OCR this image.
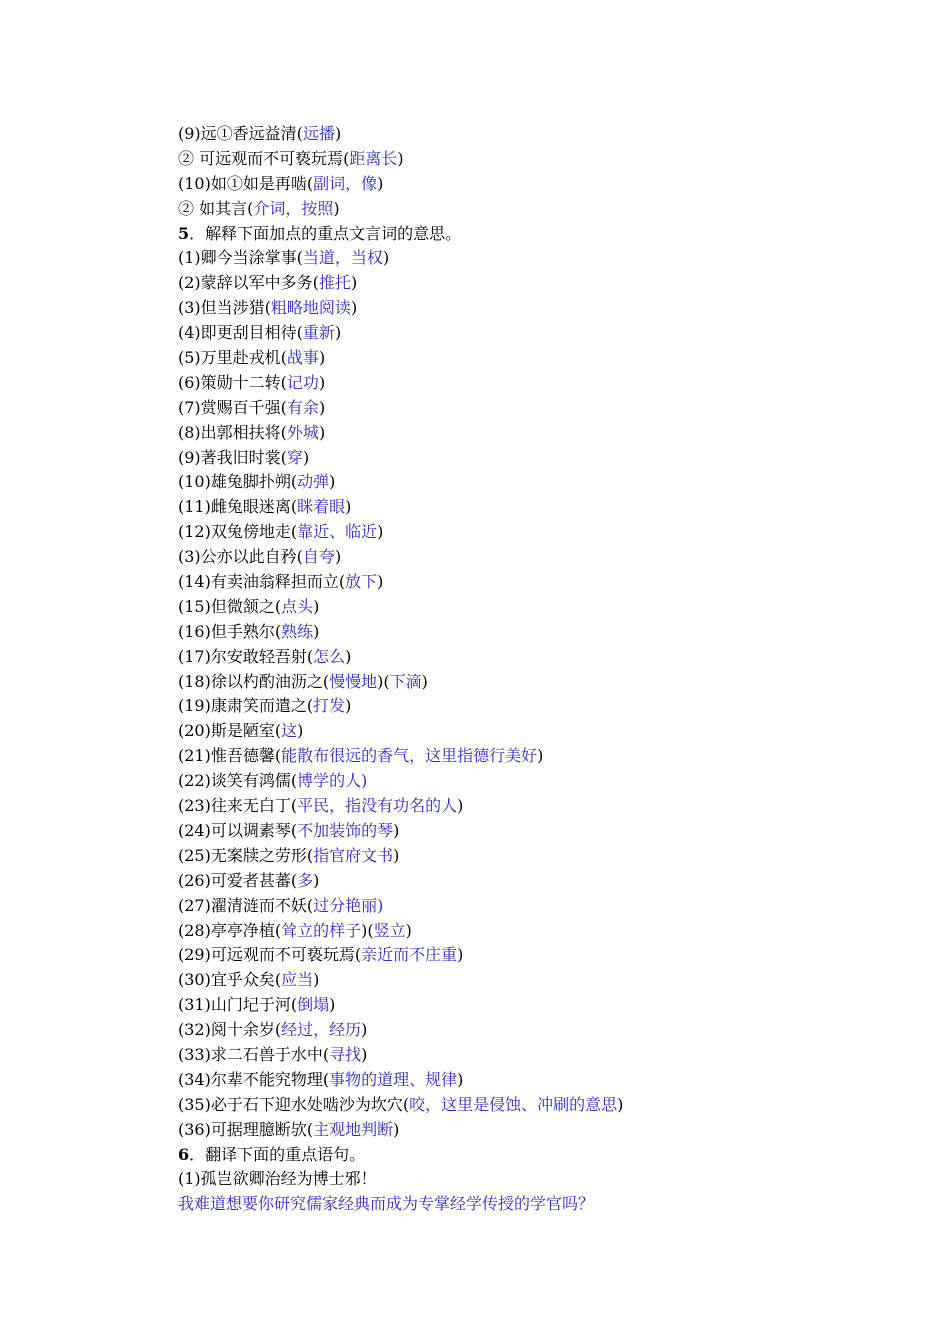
(9)远①香远益清(远播)
② 可远观而不可亵玩焉(距离长)
(10)如①如是再啮(副词，像)
② 如其言(介词，按照)
5．解释下面加点的重点文言词的意思。
(1)卿今当涂掌事(当道，当权)
(2)蒙辞以军中多务(推托)
(3)但当涉猎(粗略地阅读)
(4)即更刮目相待(重新)
(5)万里赴戎机(战事)
(6)策勋十二转(记功)
(7)赏赐百千强(有余)
(8)出郭相扶将(外城)
(9)著我旧时裳(穿)
(10)雄兔脚扑朔(动弹)
(11)雌兔眼迷离(眯着眼)
(12)双兔傍地走(靠近、临近)
(3)公亦以此自矜(自夸)
(14)有卖油翁释担而立(放下)
(15)但微颔之(点头)
(16)但手熟尔(熟练)
(17)尔安敢轻吾射(怎么)
(18)徐以杓酌油沥之(慢慢地)(下滴)
(19)康肃笑而遣之(打发)
(20)斯是陋室(这)
(21)惟吾德馨(能散布很远的香气，这里指德行美好)
(22)谈笑有鸿儒(博学的人)
(23)往来无白丁(平民，指没有功名的人)
(24)可以调素琴(不加装饰的琴)
(25)无案牍之劳形(指官府文书)
(26)可爱者甚蕃(多)
(27)濯清涟而不妖(过分艳丽)
(28)亭亭净植(耸立的样子)(竖立)
(29)可远观而不可亵玩焉(亲近而不庄重)
(30)宜乎众矣(应当)
(31)山门圮于河(倒塌)
(32)阅十余岁(经过，经历)
(33)求二石兽于水中(寻找)
(34)尔辈不能究物理(事物的道理、规律)
(35)必于石下迎水处啮沙为坎穴(咬，这里是侵蚀、冲刷的意思)
(36)可据理臆断欤(主观地判断)
6．翻译下面的重点语句。
(1)孤岂欲卿治经为博士邪！
我难道想要你研究儒家经典而成为专掌经学传授的学官吗？
